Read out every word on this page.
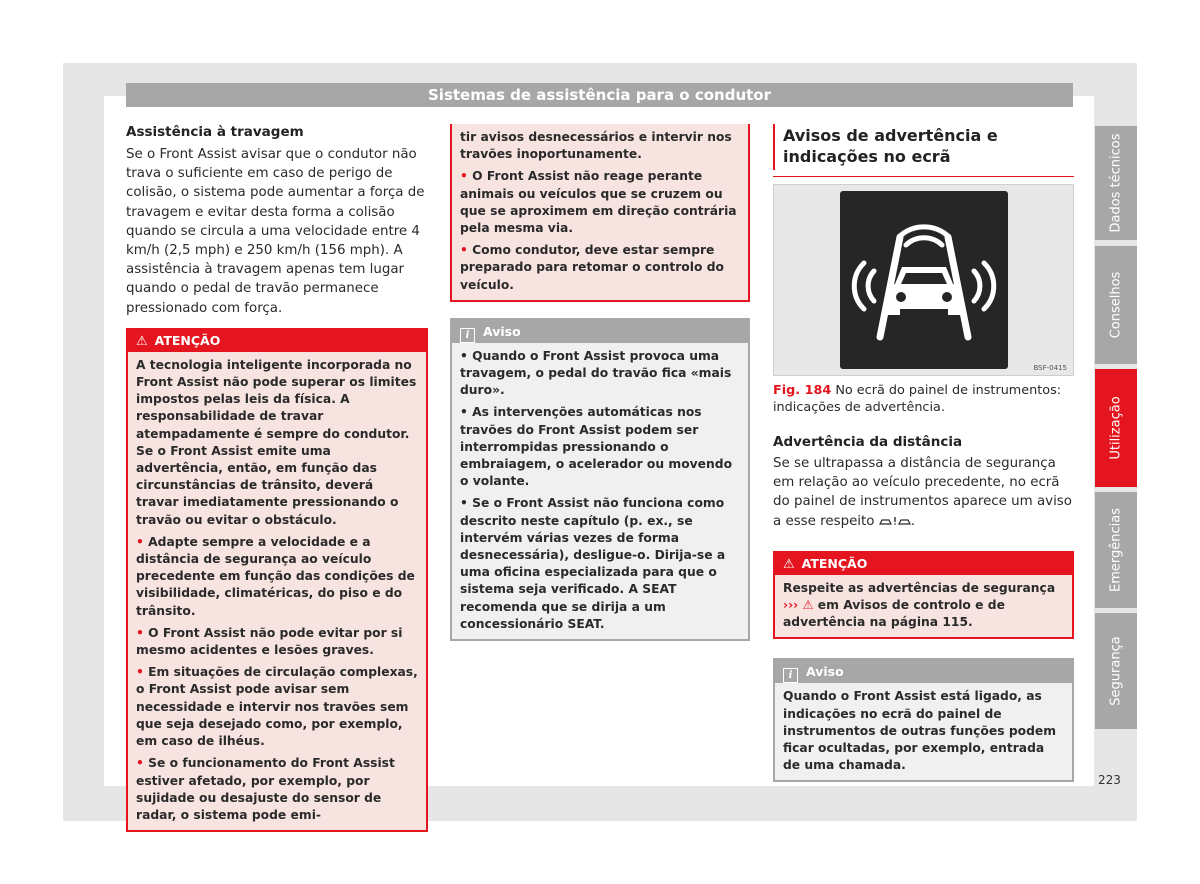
Sistemas de assistência para o condutor

Assistência à travagem

Se o Front Assist avisar que o condutor não trava o suficiente em caso de perigo de colisão, o sistema pode aumentar a força de travagem e evitar desta forma a colisão quando se circula a uma velocidade entre 4 km/h (2,5 mph) e 250 km/h (156 mph). A assistência à travagem apenas tem lugar quando o pedal de travão permanece pressionado com força.

⚠ ATENÇÃO

A tecnologia inteligente incorporada no Front Assist não pode superar os limites impostos pelas leis da física. A responsabilidade de travar atempadamente é sempre do condutor. Se o Front Assist emite uma advertência, então, em função das circunstâncias de trânsito, deverá travar imediatamente pressionando o travão ou evitar o obstáculo.

• Adapte sempre a velocidade e a distância de segurança ao veículo precedente em função das condições de visibilidade, climatéricas, do piso e do trânsito.

• O Front Assist não pode evitar por si mesmo acidentes e lesões graves.

• Em situações de circulação complexas, o Front Assist pode avisar sem necessidade e intervir nos travões sem que seja desejado como, por exemplo, em caso de ilhéus.

• Se o funcionamento do Front Assist estiver afetado, por exemplo, por sujidade ou desajuste do sensor de radar, o sistema pode emi-

tir avisos desnecessários e intervir nos travões inoportunamente.

• O Front Assist não reage perante animais ou veículos que se cruzem ou que se aproximem em direção contrária pela mesma via.

• Como condutor, deve estar sempre preparado para retomar o controlo do veículo.

i Aviso

• Quando o Front Assist provoca uma travagem, o pedal do travão fica «mais duro».

• As intervenções automáticas nos travões do Front Assist podem ser interrompidas pressionando o embraiagem, o acelerador ou movendo o volante.

• Se o Front Assist não funciona como descrito neste capítulo (p. ex., se intervém várias vezes de forma desnecessária), desligue-o. Dirija-se a uma oficina especializada para que o sistema seja verificado. A SEAT recomenda que se dirija a um concessionário SEAT.

Avisos de advertência e indicações no ecrã
BSF-0415

Fig. 184 No ecrã do painel de instrumentos: indicações de advertência.

Advertência da distância

Se se ultrapassa a distância de segurança em relação ao veículo precedente, no ecrã do painel de instrumentos aparece um aviso a esse respeito	.

⚠ ATENÇÃO

Respeite as advertências de segurança ››› ⚠ em Avisos de controlo e de advertência na página 115.

i Aviso

Quando o Front Assist está ligado, as indicações no ecrã do painel de instrumentos de outras funções podem ficar ocultadas, por exemplo, entrada de uma chamada.

Dados técnicos
Conselhos
Utilização
Emergências
Segurança
223
